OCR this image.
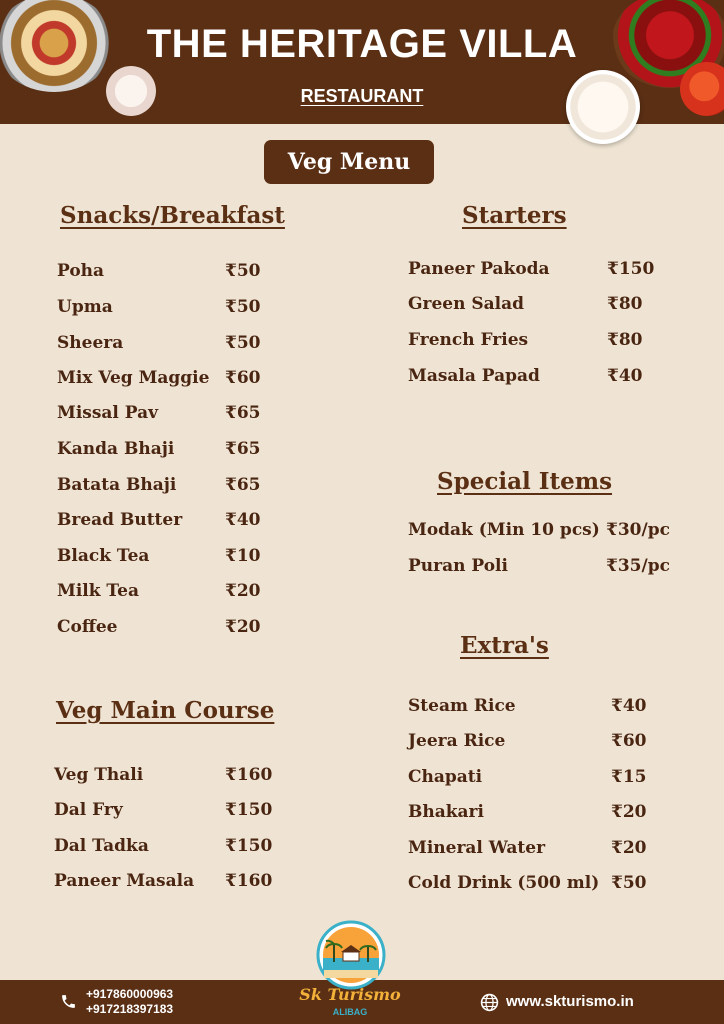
THE HERITAGE VILLA
RESTAURANT
Veg Menu
Snacks/Breakfast	Starters
Special Items
Extra's
Veg Main Course
Poha	₹50
Upma	₹50
Sheera	₹50
Mix Veg Maggie ₹60
Missal Pav	₹65
Kanda Bhaji	₹65
Batata Bhaji	₹65
Bread Butter	₹40
Black Tea	₹10
Milk Tea	₹20
Coffee	₹20
Veg Thali	₹160
Dal Fry	₹150
Dal Tadka	₹150
Paneer Masala ₹160
Paneer Pakoda	₹150
Green Salad	₹80
French Fries	₹80
Masala Papad	₹40
Modak (Min 10 pcs) ₹30/pc
Puran Poli	₹35/pc
Steam Rice	₹40
Jeera Rice	₹60
Chapati	₹15
Bhakari	₹20
Mineral Water	₹20
Cold Drink (500 ml) ₹50
+917860000963
+917218397183
Sk Turismo
ALIBAG
www.skturismo.in
